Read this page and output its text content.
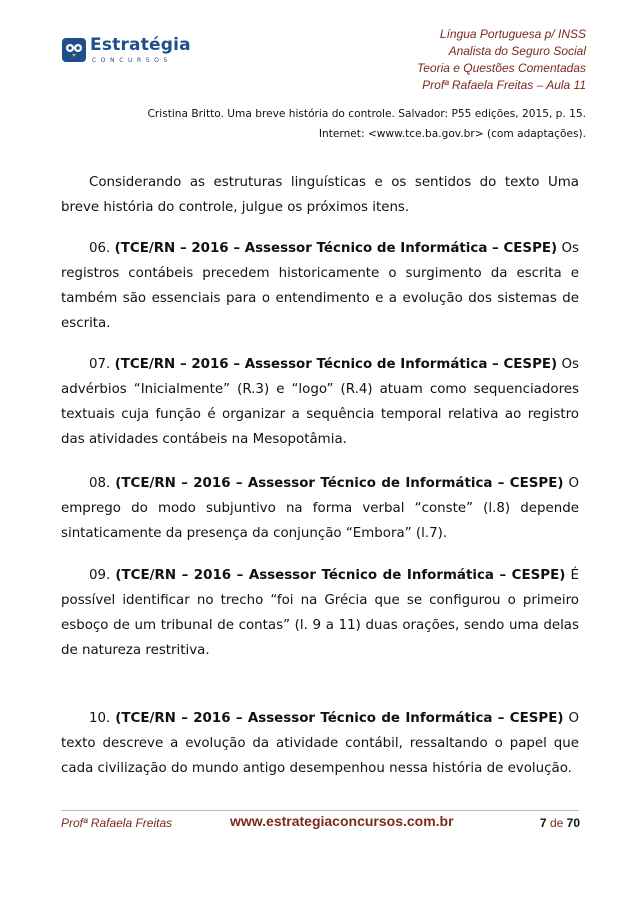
Estratégia
CONCURSOS
Língua Portuguesa p/ INSS
Analista do Seguro Social
Teoria e Questões Comentadas
Profª Rafaela Freitas – Aula 11
Cristina Britto. Uma breve história do controle. Salvador: P55 edições, 2015, p. 15.
Internet: <www.tce.ba.gov.br> (com adaptações).

Considerando as estruturas linguísticas e os sentidos do texto Uma breve história do controle, julgue os próximos itens.

06. (TCE/RN – 2016 – Assessor Técnico de Informática – CESPE) Os registros contábeis precedem historicamente o surgimento da escrita e também são essenciais para o entendimento e a evolução dos sistemas de escrita.

07. (TCE/RN – 2016 – Assessor Técnico de Informática – CESPE) Os advérbios “Inicialmente” (R.3) e “logo” (R.4) atuam como sequenciadores textuais cuja função é organizar a sequência temporal relativa ao registro das atividades contábeis na Mesopotâmia.

08. (TCE/RN – 2016 – Assessor Técnico de Informática – CESPE) O emprego do modo subjuntivo na forma verbal “conste” (l.8) depende sintaticamente da presença da conjunção “Embora” (l.7).

09. (TCE/RN – 2016 – Assessor Técnico de Informática – CESPE) É possível identificar no trecho “foi na Grécia que se configurou o primeiro esboço de um tribunal de contas” (l. 9 a 11) duas orações, sendo uma delas de natureza restritiva.

10. (TCE/RN – 2016 – Assessor Técnico de Informática – CESPE) O texto descreve a evolução da atividade contábil, ressaltando o papel que cada civilização do mundo antigo desempenhou nessa história de evolução.

Profª Rafaela Freitas	www.estrategiaconcursos.com.br	7 de 70
